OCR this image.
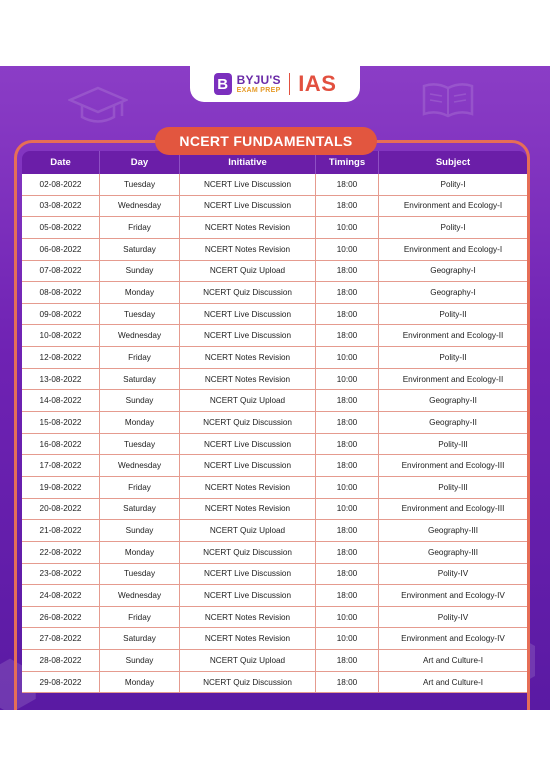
B BYJU'S
EXAM PREP IAS
NCERT FUNDAMENTALS
Date	Day	Initiative	Timings	Subject
02-08-2022	Tuesday	NCERT Live Discussion	18:00	Polity-I
03-08-2022	Wednesday	NCERT Live Discussion	18:00	Environment and Ecology-I
05-08-2022	Friday	NCERT Notes Revision	10:00	Polity-I
06-08-2022	Saturday	NCERT Notes Revision	10:00	Environment and Ecology-I
07-08-2022	Sunday	NCERT Quiz Upload	18:00	Geography-I
08-08-2022	Monday	NCERT Quiz Discussion	18:00	Geography-I
09-08-2022	Tuesday	NCERT Live Discussion	18:00	Polity-II
10-08-2022	Wednesday	NCERT Live Discussion	18:00	Environment and Ecology-II
12-08-2022	Friday	NCERT Notes Revision	10:00	Polity-II
13-08-2022	Saturday	NCERT Notes Revision	10:00	Environment and Ecology-II
14-08-2022	Sunday	NCERT Quiz Upload	18:00	Geography-II
15-08-2022	Monday	NCERT Quiz Discussion	18:00	Geography-II
16-08-2022	Tuesday	NCERT Live Discussion	18:00	Polity-III
17-08-2022	Wednesday	NCERT Live Discussion	18:00	Environment and Ecology-III
19-08-2022	Friday	NCERT Notes Revision	10:00	Polity-III
20-08-2022	Saturday	NCERT Notes Revision	10:00	Environment and Ecology-III
21-08-2022	Sunday	NCERT Quiz Upload	18:00	Geography-III
22-08-2022	Monday	NCERT Quiz Discussion	18:00	Geography-III
23-08-2022	Tuesday	NCERT Live Discussion	18:00	Polity-IV
24-08-2022	Wednesday	NCERT Live Discussion	18:00	Environment and Ecology-IV
26-08-2022	Friday	NCERT Notes Revision	10:00	Polity-IV
27-08-2022	Saturday	NCERT Notes Revision	10:00	Environment and Ecology-IV
28-08-2022	Sunday	NCERT Quiz Upload	18:00	Art and Culture-I
29-08-2022	Monday	NCERT Quiz Discussion	18:00	Art and Culture-I
